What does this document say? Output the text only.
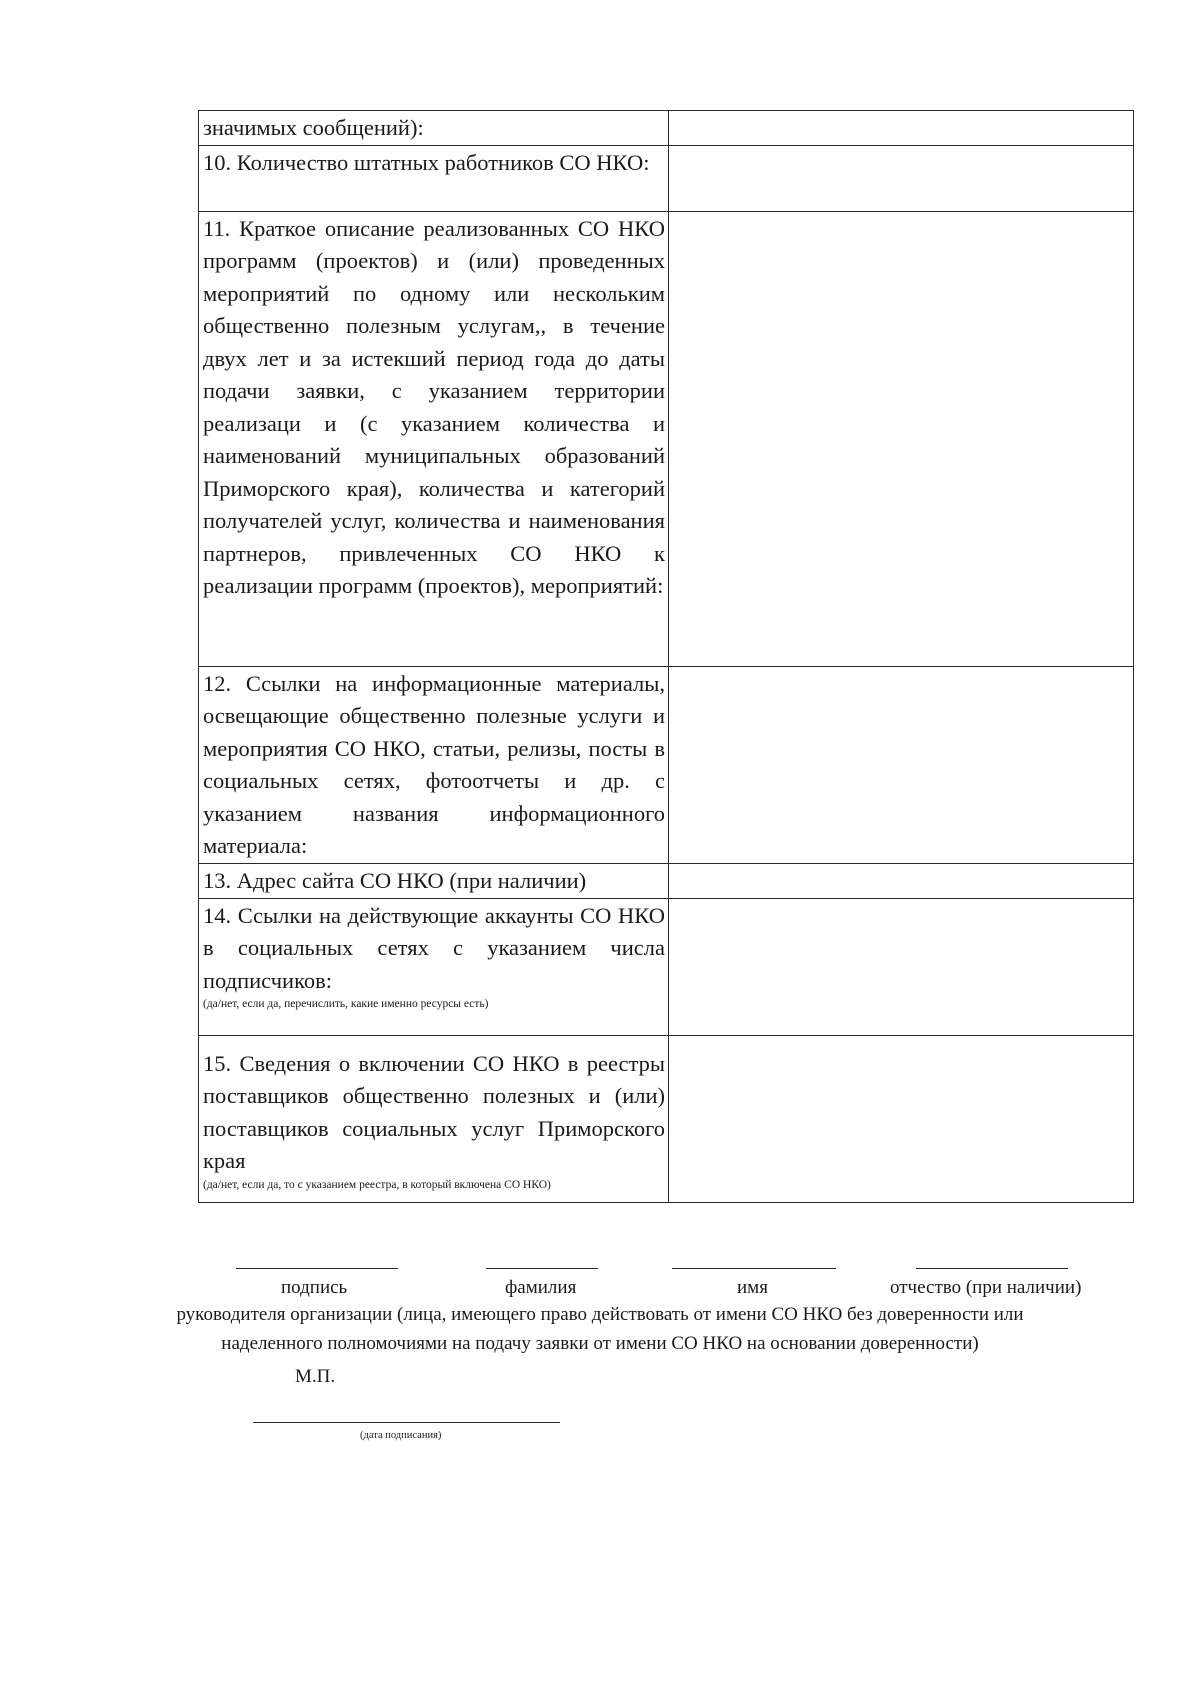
значимых сообщений):	
10. Количество штатных работников СО НКО:	
11. Краткое описание реализованных СО НКО программ (проектов) и (или) проведенных мероприятий по одному или нескольким общественно полезным услугам,, в течение двух лет и за истекший период года до даты подачи заявки, с указанием территории реализаци и (с указанием количества и наименований муниципальных образований Приморского края), количества и категорий получателей услуг, количества и наименования партнеров, привлеченных СО НКО к реализации программ (проектов), мероприятий:	
12. Ссылки на информационные материалы, освещающие общественно полезные услуги и мероприятия СО НКО, статьи, релизы, посты в социальных сетях, фотоотчеты и др. с указанием названия информационного материала:	
13. Адрес сайта СО НКО (при наличии)	
14. Ссылки на действующие аккаунты СО НКО в социальных сетях с указанием числа подписчиков:
(да/нет, если да, перечислить, какие именно ресурсы есть)	

15. Сведения о включении СО НКО в реестры поставщиков общественно полезных и (или) поставщиков социальных услуг Приморского края
(да/нет, если да, то с указанием реестра, в который включена СО НКО)	

подпись	фамилия	имя	отчество (при наличии)
руководителя организации (лица, имеющего право действовать от имени СО НКО без доверенности или
наделенного полномочиями на подачу заявки от имени СО НКО на основании доверенности)
М.П.
(дата подписания)
